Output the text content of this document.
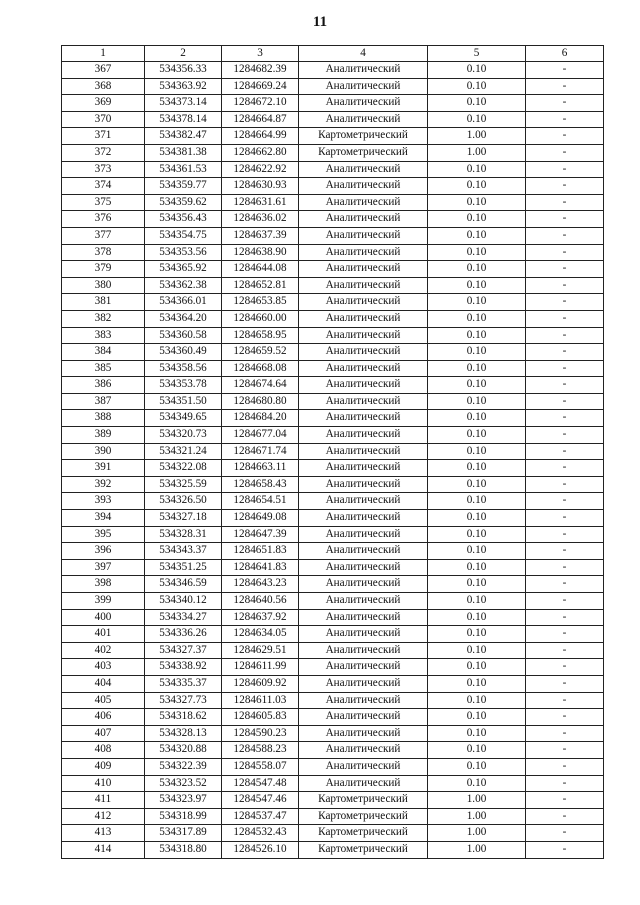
11
1	2	3	4	5	6
367	534356.33	1284682.39	Аналитический	0.10	-
368	534363.92	1284669.24	Аналитический	0.10	-
369	534373.14	1284672.10	Аналитический	0.10	-
370	534378.14	1284664.87	Аналитический	0.10	-
371	534382.47	1284664.99	Картометрический	1.00	-
372	534381.38	1284662.80	Картометрический	1.00	-
373	534361.53	1284622.92	Аналитический	0.10	-
374	534359.77	1284630.93	Аналитический	0.10	-
375	534359.62	1284631.61	Аналитический	0.10	-
376	534356.43	1284636.02	Аналитический	0.10	-
377	534354.75	1284637.39	Аналитический	0.10	-
378	534353.56	1284638.90	Аналитический	0.10	-
379	534365.92	1284644.08	Аналитический	0.10	-
380	534362.38	1284652.81	Аналитический	0.10	-
381	534366.01	1284653.85	Аналитический	0.10	-
382	534364.20	1284660.00	Аналитический	0.10	-
383	534360.58	1284658.95	Аналитический	0.10	-
384	534360.49	1284659.52	Аналитический	0.10	-
385	534358.56	1284668.08	Аналитический	0.10	-
386	534353.78	1284674.64	Аналитический	0.10	-
387	534351.50	1284680.80	Аналитический	0.10	-
388	534349.65	1284684.20	Аналитический	0.10	-
389	534320.73	1284677.04	Аналитический	0.10	-
390	534321.24	1284671.74	Аналитический	0.10	-
391	534322.08	1284663.11	Аналитический	0.10	-
392	534325.59	1284658.43	Аналитический	0.10	-
393	534326.50	1284654.51	Аналитический	0.10	-
394	534327.18	1284649.08	Аналитический	0.10	-
395	534328.31	1284647.39	Аналитический	0.10	-
396	534343.37	1284651.83	Аналитический	0.10	-
397	534351.25	1284641.83	Аналитический	0.10	-
398	534346.59	1284643.23	Аналитический	0.10	-
399	534340.12	1284640.56	Аналитический	0.10	-
400	534334.27	1284637.92	Аналитический	0.10	-
401	534336.26	1284634.05	Аналитический	0.10	-
402	534327.37	1284629.51	Аналитический	0.10	-
403	534338.92	1284611.99	Аналитический	0.10	-
404	534335.37	1284609.92	Аналитический	0.10	-
405	534327.73	1284611.03	Аналитический	0.10	-
406	534318.62	1284605.83	Аналитический	0.10	-
407	534328.13	1284590.23	Аналитический	0.10	-
408	534320.88	1284588.23	Аналитический	0.10	-
409	534322.39	1284558.07	Аналитический	0.10	-
410	534323.52	1284547.48	Аналитический	0.10	-
411	534323.97	1284547.46	Картометрический	1.00	-
412	534318.99	1284537.47	Картометрический	1.00	-
413	534317.89	1284532.43	Картометрический	1.00	-
414	534318.80	1284526.10	Картометрический	1.00	-
